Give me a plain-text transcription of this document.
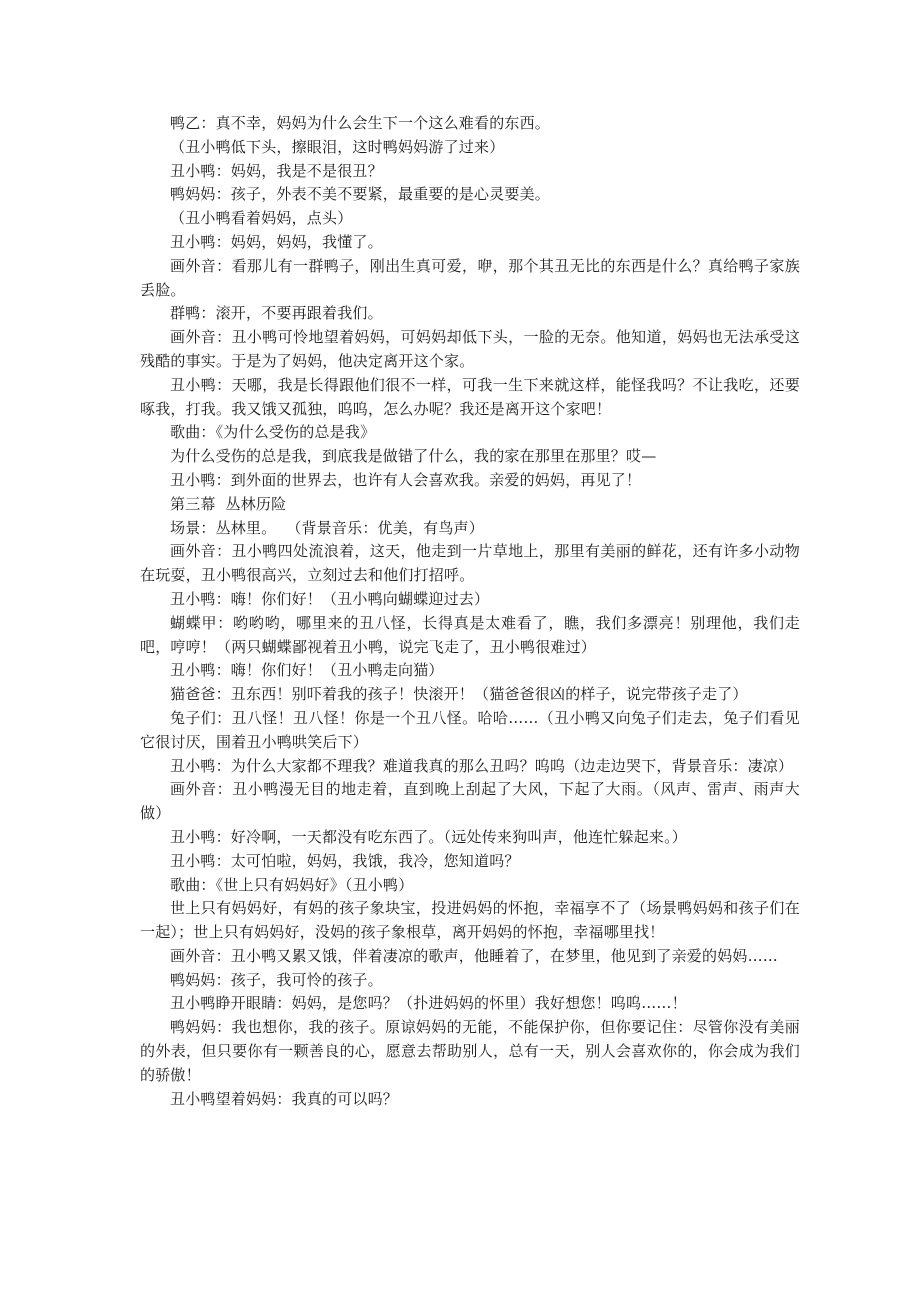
鸭乙：真不幸，妈妈为什么会生下一个这么难看的东西。

（丑小鸭低下头，擦眼泪，这时鸭妈妈游了过来）

丑小鸭：妈妈，我是不是很丑？

鸭妈妈：孩子，外表不美不要紧，最重要的是心灵要美。

（丑小鸭看着妈妈，点头）

丑小鸭：妈妈，妈妈，我懂了。

画外音：看那儿有一群鸭子，刚出生真可爱，咿，那个其丑无比的东西是什么？真给鸭子家族丢脸。

群鸭：滚开，不要再跟着我们。

画外音：丑小鸭可怜地望着妈妈，可妈妈却低下头，一脸的无奈。他知道，妈妈也无法承受这残酷的事实。于是为了妈妈，他决定离开这个家。

丑小鸭：天哪，我是长得跟他们很不一样，可我一生下来就这样，能怪我吗？不让我吃，还要啄我，打我。我又饿又孤独，呜呜，怎么办呢？我还是离开这个家吧！

歌曲：《为什么受伤的总是我》

为什么受伤的总是我，到底我是做错了什么，我的家在那里在那里？哎—

丑小鸭：到外面的世界去，也许有人会喜欢我。亲爱的妈妈，再见了！

第三幕  丛林历险

场景：丛林里。  （背景音乐：优美，有鸟声）

画外音：丑小鸭四处流浪着，这天，他走到一片草地上，那里有美丽的鲜花，还有许多小动物在玩耍，丑小鸭很高兴，立刻过去和他们打招呼。

丑小鸭：嗨！你们好！（丑小鸭向蝴蝶迎过去）

蝴蝶甲：哟哟哟，哪里来的丑八怪，长得真是太难看了，瞧，我们多漂亮！别理他，我们走吧，哼哼！（两只蝴蝶鄙视着丑小鸭，说完飞走了，丑小鸭很难过）

丑小鸭：嗨！你们好！（丑小鸭走向猫）

猫爸爸：丑东西！别吓着我的孩子！快滚开！（猫爸爸很凶的样子，说完带孩子走了）

兔子们：丑八怪！丑八怪！你是一个丑八怪。哈哈……（丑小鸭又向兔子们走去，兔子们看见它很讨厌，围着丑小鸭哄笑后下）

丑小鸭：为什么大家都不理我？难道我真的那么丑吗？呜呜（边走边哭下，背景音乐：凄凉）

画外音：丑小鸭漫无目的地走着，直到晚上刮起了大风，下起了大雨。（风声、雷声、雨声大做）

丑小鸭：好冷啊，一天都没有吃东西了。（远处传来狗叫声，他连忙躲起来。）

丑小鸭：太可怕啦，妈妈，我饿，我冷，您知道吗？

歌曲：《世上只有妈妈好》（丑小鸭）

世上只有妈妈好，有妈的孩子象块宝，投进妈妈的怀抱，幸福享不了（场景鸭妈妈和孩子们在一起）；世上只有妈妈好，没妈的孩子象根草，离开妈妈的怀抱，幸福哪里找！

画外音：丑小鸭又累又饿，伴着凄凉的歌声，他睡着了，在梦里，他见到了亲爱的妈妈……

鸭妈妈：孩子，我可怜的孩子。

丑小鸭睁开眼睛：妈妈，是您吗？（扑进妈妈的怀里）我好想您！呜呜……！

鸭妈妈：我也想你，我的孩子。原谅妈妈的无能，不能保护你，但你要记住：尽管你没有美丽的外表，但只要你有一颗善良的心，愿意去帮助别人，总有一天，别人会喜欢你的，你会成为我们的骄傲！

丑小鸭望着妈妈：我真的可以吗？
